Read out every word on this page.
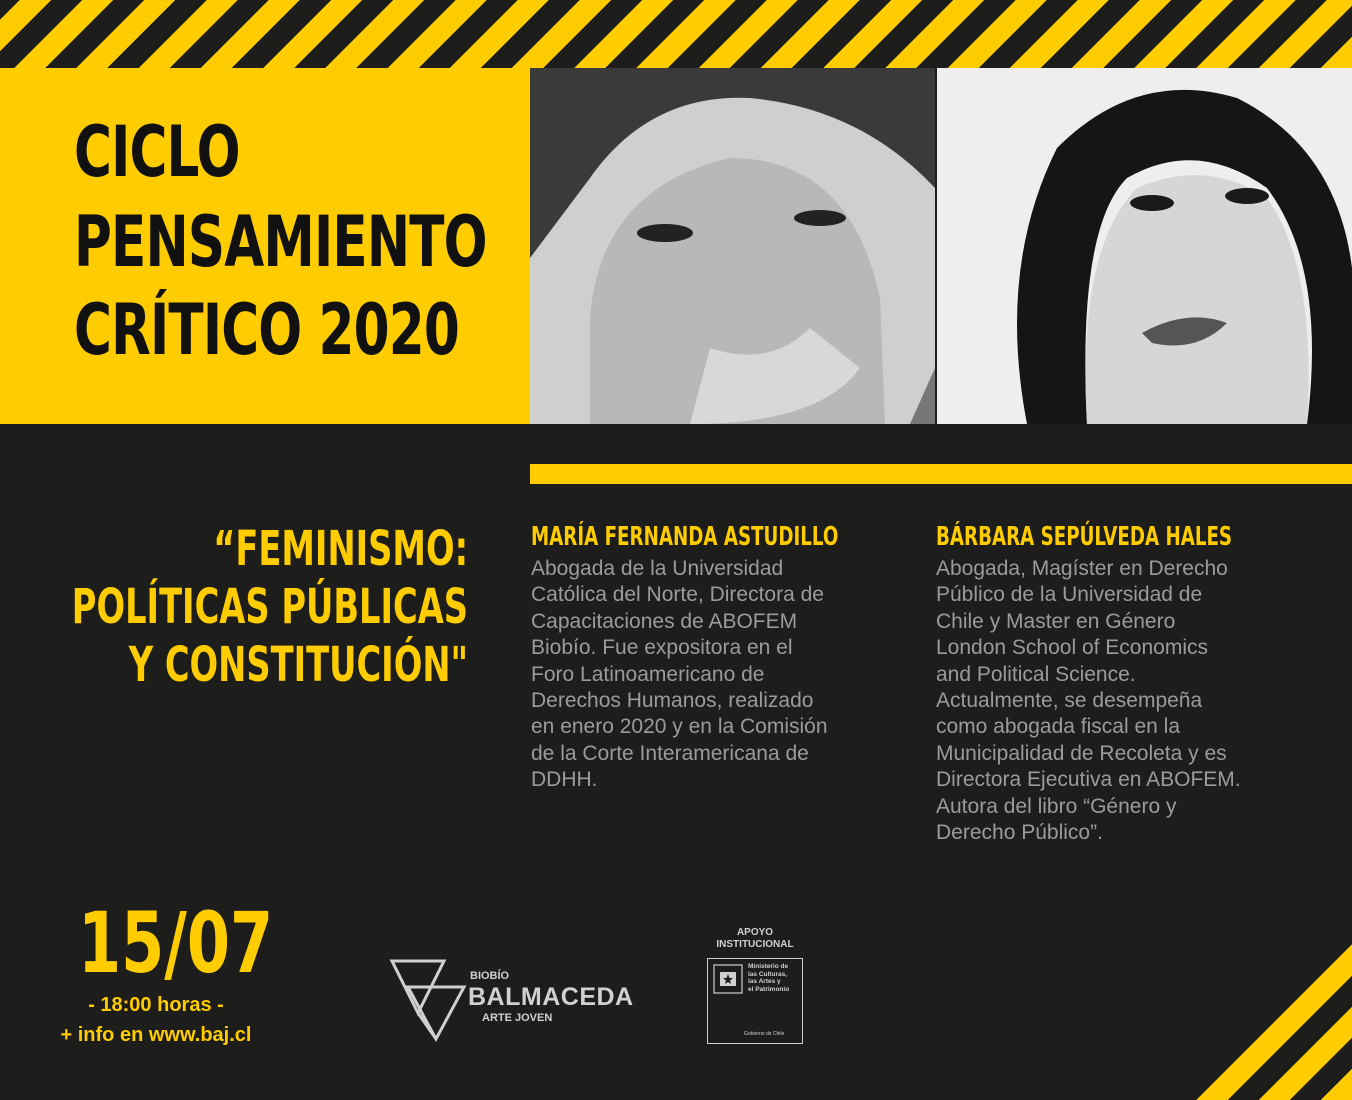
CICLO
PENSAMIENTO
CRÍTICO 2020
“FEMINISMO:
POLÍTICAS PÚBLICAS
Y CONSTITUCIÓN"
MARÍA FERNANDA ASTUDILLO
Abogada de la Universidad
Católica del Norte, Directora de
Capacitaciones de ABOFEM
Biobío. Fue expositora en el
Foro Latinoamericano de
Derechos Humanos, realizado
en enero 2020 y en la Comisión
de la Corte Interamericana de
DDHH.
BÁRBARA SEPÚLVEDA HALES
Abogada, Magíster en Derecho
Público de la Universidad de
Chile y Master en Género
London School of Economics
and Political Science.
Actualmente, se desempeña
como abogada fiscal en la
Municipalidad de Recoleta y es
Directora Ejecutiva en ABOFEM.
Autora del libro “Género y
Derecho Público”.
15/07
- 18:00 horas -
+ info en www.baj.cl
BIOBÍO
BALMACEDA
ARTE JOVEN
APOYO
INSTITUCIONAL
Ministerio de
las Culturas,
las Artes y
el Patrimonio
Gobierno de Chile
